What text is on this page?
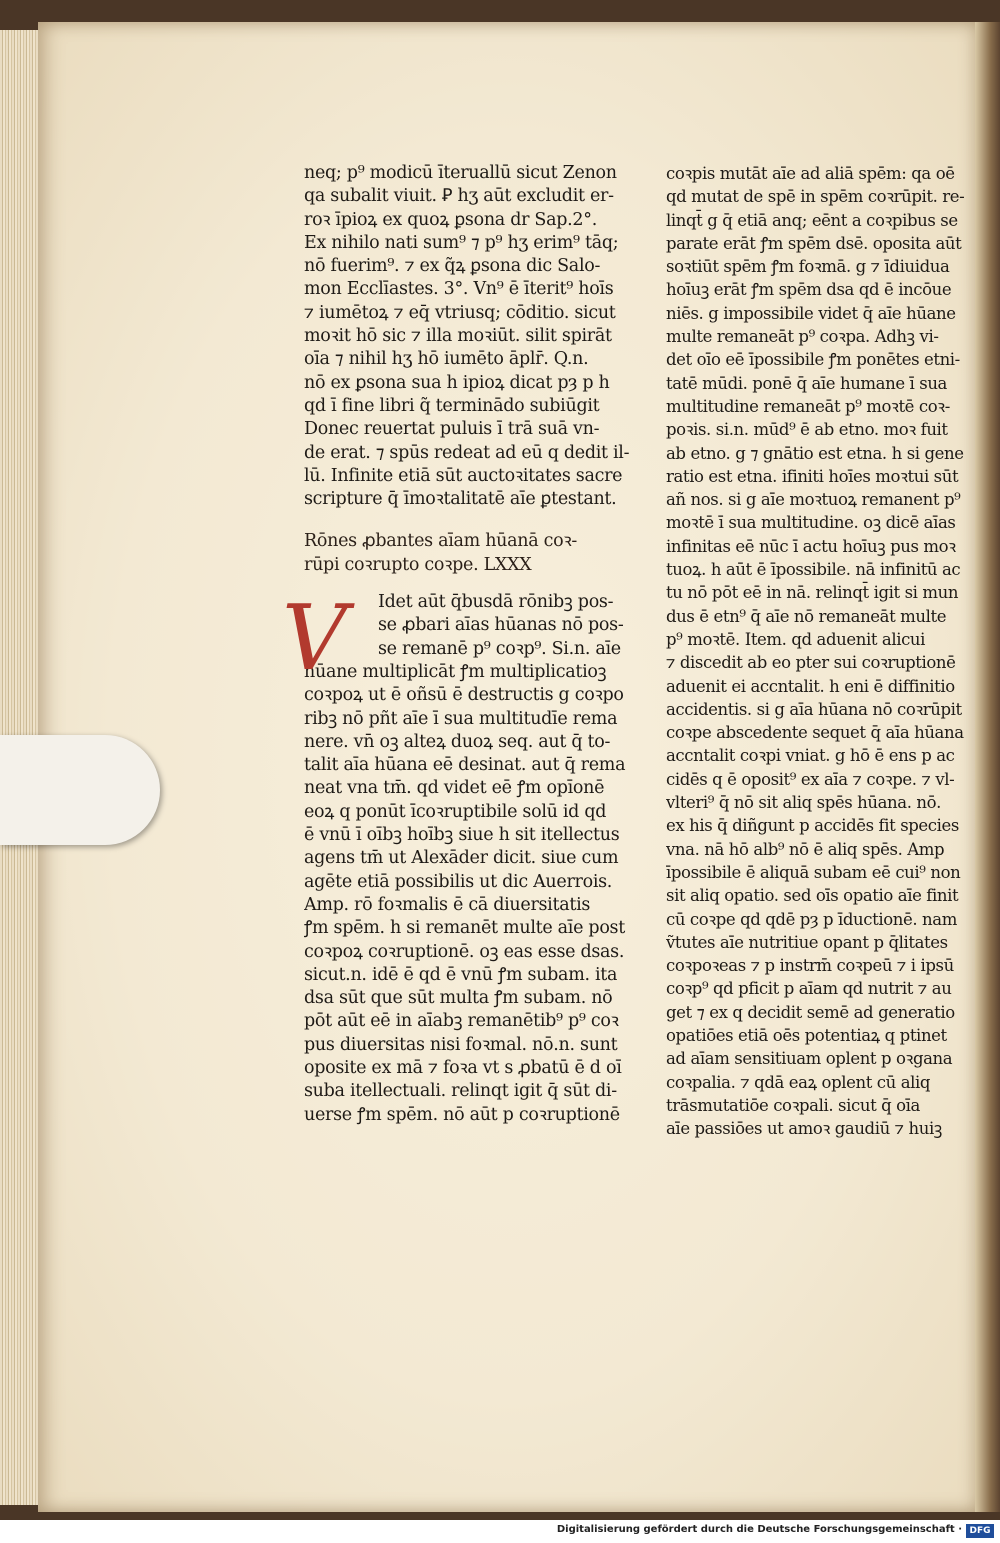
neq; p⁹ modicū īteruallū sicut Zenon
qa subalit viuit. Ꝑ hʒ aūt excludit er-
roꝛ īpioꝝ ex quoꝝ ꝑsona dr Sap.2°.
Ex nihilo nati sum⁹ ⁊ p⁹ hʒ erim⁹ tāq;
nō fuerim⁹. ⁊ ex q̃ꝝ ꝑsona dic Salo-
mon Ecclīastes. 3°. Vn⁹ ē īterit⁹ hoīs
⁊ iumētoꝝ ⁊ eq̄ vtriusq; cōditio. sicut
moꝛit hō sic ⁊ illa moꝛiūt. silit spirāt
oīa ⁊ nihil hʒ hō iumēto āplr̄. Q.n.
nō ex ꝑsona sua h ipioꝝ dicat pȝ p h
qd ī fine libri q̃ terminādo subiūgit
Donec reuertat̄ puluis ī trā suā vn-
de erat. ⁊ spūs redeat ad eū q dedit il-
lū. Infinite etiā sūt auctoꝛitates sacre
scripture q̄ īmoꝛtalitatē aīe ꝑtestant̄.
Rōnes ꝓbantes aīam hūanā coꝛ-
rūpi coꝛrupto coꝛpe. LXXX
Idet aūt q̄busdā rōnibꝫ pos-
se ꝓbari aīas hūanas nō pos-
se remanē p⁹ coꝛp⁹. Si.n. aīe
hūane multiplicāt̄ ꝭm multiplicatioꝫ
coꝛpoꝝ ut ē oñsū ē destructis g coꝛpo
ribꝫ nō pñt aīe ī sua multitudīe rema
nere. vn̄ oꝫ alteꝝ duoꝝ seq. aut q̄ to-
talit aīa hūana eē desinat. aut q̄ rema
neat vna tm̄. qd videt̄ eē ꝭm opīonē
eoꝝ q ponūt īcoꝛruptibile solū id qd
ē vnū ī oībꝫ hoībꝫ siue h sit itellectus
agens tm̄ ut Alexāder dicit. siue cum
agēte etiā possibilis ut dic Auerrois.
Amp. rō foꝛmalis ē cā diuersitatis
ꝭm spēm. h si remanēt multe aīe post
coꝛpoꝝ coꝛruptionē. oꝫ eas esse dsas.
sicut.n. idē ē qd ē vnū ꝭm subam. ita
dsa sūt que sūt multa ꝭm subam. nō
pōt aūt eē in aīabꝫ remanētib⁹ p⁹ coꝛ
pus diuersitas nisi foꝛmal. nō.n. sunt
oposite ex mā ⁊ foꝛa vt s ꝓbatū ē d oī
suba itellectuali. relinqt igit q̄ sūt di-
uerse ꝭm spēm. nō aūt p coꝛruptionē
V
coꝛpis mutāt aīe ad aliā spēm: qa oē
qd mutat de spē in spēm coꝛrūpit. re-
linqt̄ g q̄ etiā anq; eēnt a coꝛpibus se
parate erāt ꝭm spēm dsē. oposita aūt
soꝛtiūt spēm ꝭm foꝛmā. g ⁊ īdiuidua
hoīuꝫ erāt ꝭm spēm dsa qd ē incōue
niēs. g impossibile videt q̄ aīe hūane
multe remaneāt p⁹ coꝛpa. Adhꝫ vi-
det oīo eē īpossibile ꝭm ponētes etni-
tatē mūdi. ponē q̄ aīe humane ī sua
multitudine remaneāt p⁹ moꝛtē coꝛ-
poꝛis. si.n. mūd⁹ ē ab etno. moꝛ fuit
ab etno. g ⁊ gnātio est etna. h si gene
ratio est etna. ifiniti hoīes moꝛtui sūt
añ nos. si g aīe moꝛtuoꝝ remanent p⁹
moꝛtē ī sua multitudine. oꝫ dicē aīas
infinitas eē nūc ī actu hoīuꝫ pus moꝛ
tuoꝝ. h aūt ē īpossibile. nā infinitū ac
tu nō pōt eē in nā. relinqt̄ igit si mun
dus ē etn⁹ q̄ aīe nō remaneāt multe
p⁹ moꝛtē. Item. qd aduenit alicui
⁊ discedit ab eo pter sui coꝛruptionē
aduenit ei accntalit. h eni ē diffinitio
accidentis. si g aīa hūana nō coꝛrūpit
coꝛpe abscedente sequet q̄ aīa hūana
accntalit coꝛpi vniat. g hō ē ens p ac
cidēs q ē oposit⁹ ex aīa ⁊ coꝛpe. ⁊ vl-
vlteri⁹ q̄ nō sit aliq spēs hūana. nō.
ex his q̄ diñgunt p accidēs fit species
vna. nā hō alb⁹ nō ē aliq spēs. Amp
īpossibile ē aliquā subam eē cui⁹ non
sit aliq opatio. sed oīs opatio aīe finit
cū coꝛpe qd qdē pȝ p īductionē. nam
ṽtutes aīe nutritiue opant p q̄litates
coꝛpoꝛeas ⁊ p instrm̄ coꝛpeū ⁊ i ipsū
coꝛp⁹ qd pficit p aīam qd nutrit ⁊ au
get ⁊ ex q decidit semē ad generatio
opatiōes etiā oēs potentiaꝝ q ptinet
ad aīam sensitiuam oplent p oꝛgana
coꝛpalia. ⁊ qdā eaꝝ oplent cū aliq
trāsmutatiōe coꝛpali. sicut q̄ oīa
aīe passiōes ut amoꝛ gaudiū ⁊ huiꝫ
Digitalisierung gefördert durch die Deutsche Forschungsgemeinschaft · DFG
